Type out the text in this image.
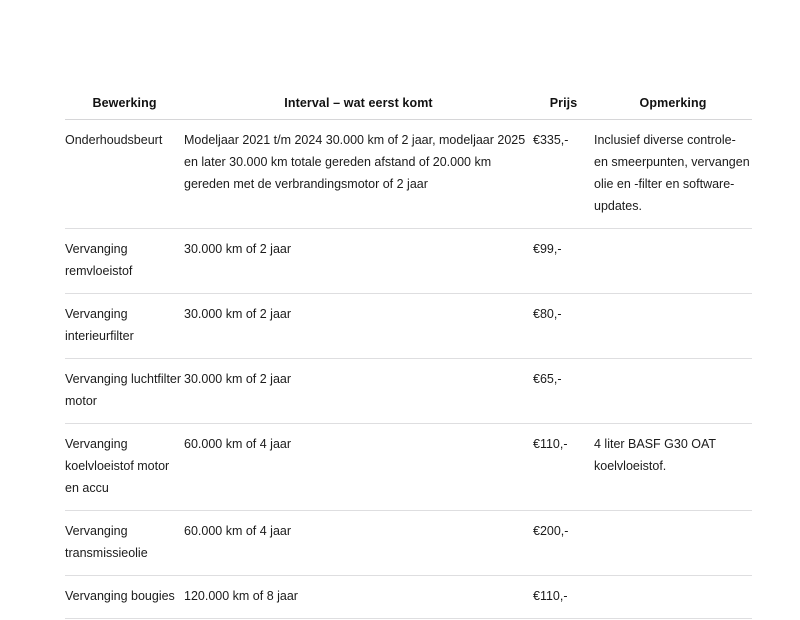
Bewerking	Interval – wat eerst komt	Prijs	Opmerking
Onderhoudsbeurt	Modeljaar 2021 t/m 2024 30.000 km of 2 jaar, modeljaar 2025 en later 30.000 km totale gereden afstand of 20.000 km gereden met de verbrandingsmotor of 2 jaar	€335,-	Inclusief diverse controle- en smeerpunten, vervangen olie en -filter en software-updates.
Vervanging remvloeistof	30.000 km of 2 jaar	€99,-	
Vervanging interieurfilter	30.000 km of 2 jaar	€80,-	
Vervanging luchtfilter motor	30.000 km of 2 jaar	€65,-	
Vervanging koelvloeistof motor en accu	60.000 km of 4 jaar	€110,-	4 liter BASF G30 OAT koelvloeistof.
Vervanging transmissieolie	60.000 km of 4 jaar	€200,-	
Vervanging bougies	120.000 km of 8 jaar	€110,-	
